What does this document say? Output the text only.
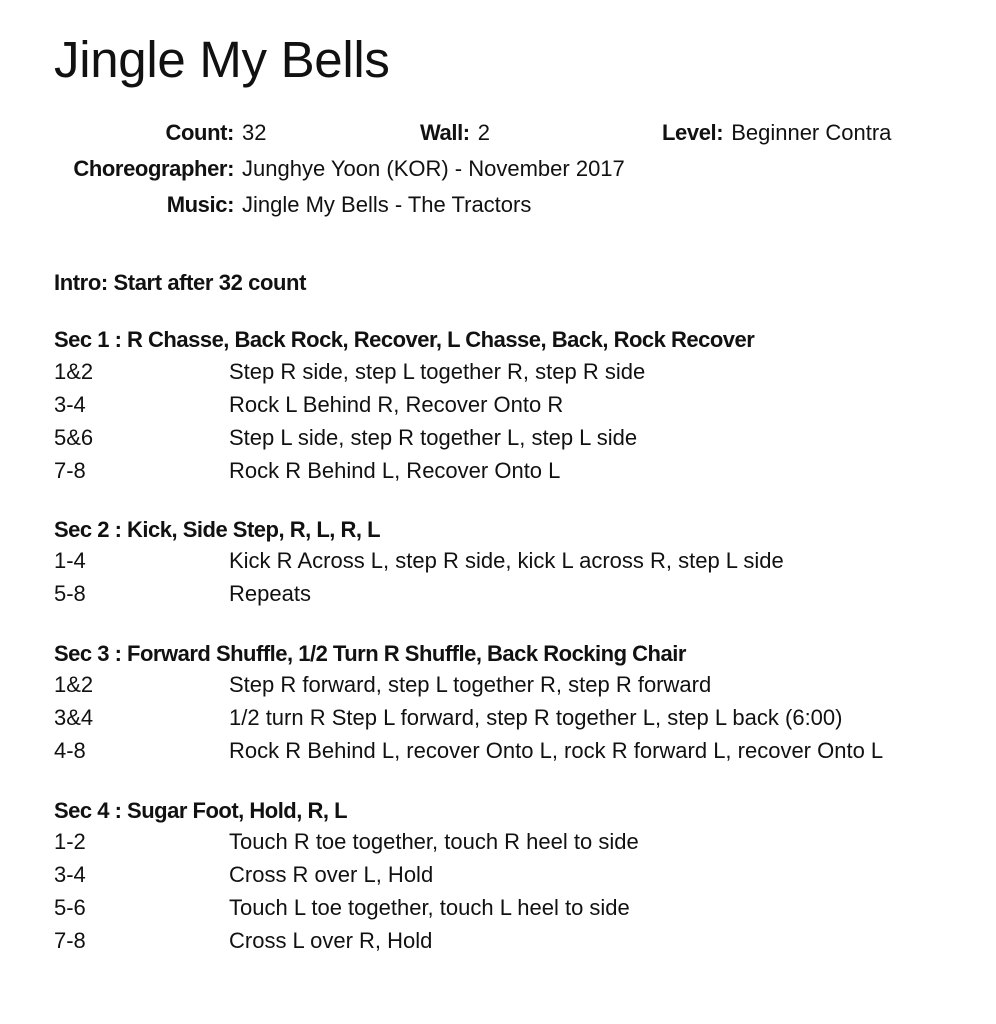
Jingle My Bells
Count: 32	Wall: 2	Level: Beginner Contra
Choreographer: Junghye Yoon (KOR) - November 2017
Music: Jingle My Bells - The Tractors
Intro: Start after 32 count
Sec 1 : R Chasse, Back Rock, Recover, L Chasse, Back, Rock Recover
1&2	Step R side, step L together R, step R side
3-4	Rock L Behind R, Recover Onto R
5&6	Step L side, step R together L, step L side
7-8	Rock R Behind L, Recover Onto L
Sec 2 : Kick, Side Step, R, L, R, L
1-4	Kick R Across L, step R side, kick L across R, step L side
5-8	Repeats
Sec 3 : Forward Shuffle, 1/2 Turn R Shuffle, Back Rocking Chair
1&2	Step R forward, step L together R, step R forward
3&4	1/2 turn R Step L forward, step R together L, step L back (6:00)
4-8	Rock R Behind L, recover Onto L, rock R forward L, recover Onto L
Sec 4 : Sugar Foot, Hold, R, L
1-2	Touch R toe together, touch R heel to side
3-4	Cross R over L, Hold
5-6	Touch L toe together, touch L heel to side
7-8	Cross L over R, Hold
